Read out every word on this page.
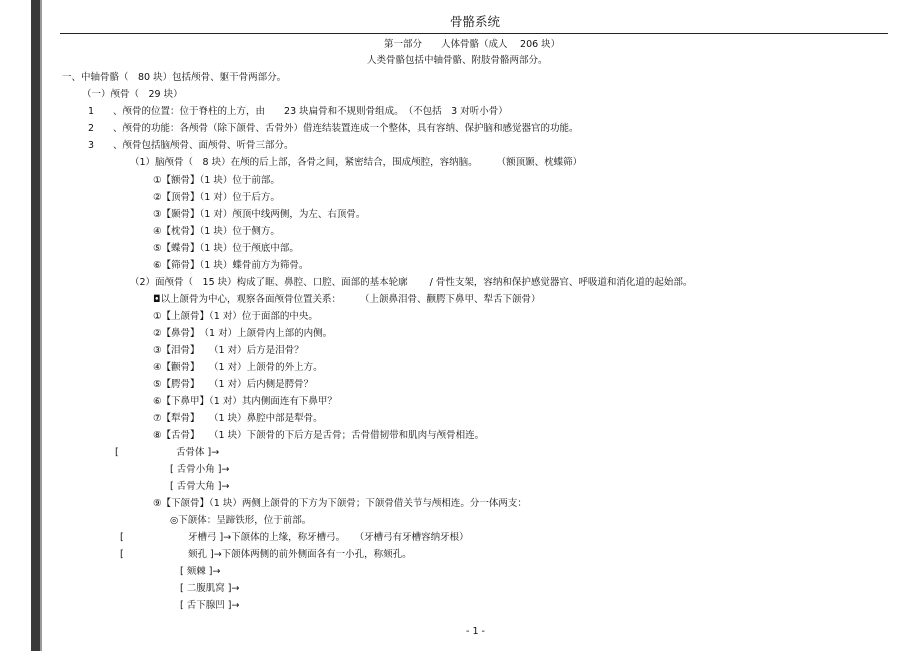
骨骼系统
第一部分　　人体骨骼（成人　 206 块）
人类骨骼包括中轴骨骼、附肢骨骼两部分。
一、中轴骨骼（　80 块）包括颅骨、躯干骨两部分。
（一）颅骨（　29 块）
1　　、颅骨的位置：位于脊柱的上方，由　　23 块扁骨和不规则骨组成。　（不包括　3 对听小骨）
2　　、颅骨的功能：各颅骨（除下颌骨、舌骨外）借连结装置连成一个整体，具有容纳、保护脑和感觉器官的功能。
3　　、颅骨包括脑颅骨、面颅骨、听骨三部分。
（1）脑颅骨（　8 块）在颅的后上部，各骨之间，紧密结合，围成颅腔，容纳脑。　　　（额顶颞、枕蝶筛）
①【额骨】（1 块）位于前部。
②【顶骨】（1 对）位于后方。
③【颞骨】（1 对）颅顶中线两侧，为左、右顶骨。
④【枕骨】（1 块）位于侧方。
⑤【蝶骨】（1 块）位于颅底中部。
⑥【筛骨】（1 块）蝶骨前方为筛骨。
（2）面颅骨（　15 块）构成了眶、鼻腔、口腔、面部的基本轮廓　　 / 骨性支架，容纳和保护感觉器官、呼吸道和消化道的起始部。
◘以上颌骨为中心，观察各面颅骨位置关系：　　　（上颌鼻泪骨、颧腭下鼻甲、犁舌下颌骨）
①【上颌骨】（1 对）位于面部的中央。
②【鼻骨】　（1 对）上颌骨内上部的内侧。
③【泪骨】　　（1 对）后方是泪骨？
④【颧骨】　　（1 对）上颌骨的外上方。
⑤【腭骨】　　（1 对）后内侧是腭骨？
⑥【下鼻甲】（1 对）其内侧面连有下鼻甲？
⑦【犁骨】　　（1 块）鼻腔中部是犁骨。
⑧【舌骨】　　（1 块）下颌骨的下后方是舌骨；舌骨借韧带和肌肉与颅骨相连。
[	舌骨体 ]→
[ 舌骨小角 ]→
[ 舌骨大角 ]→
⑨【下颌骨】（1 块）两侧上颌骨的下方为下颌骨；下颌骨借关节与颅相连。分一体两支：
◎下颌体：呈蹄铁形，位于前部。
[	牙槽弓 ]→下颌体的上缘，称牙槽弓。　　（牙槽弓有牙槽容纳牙根）
[	颏孔 ]→下颌体两侧的前外侧面各有一小孔，称颏孔。
[ 颏棘 ]→
[ 二腹肌窝 ]→
[ 舌下腺凹 ]→
- 1 -
